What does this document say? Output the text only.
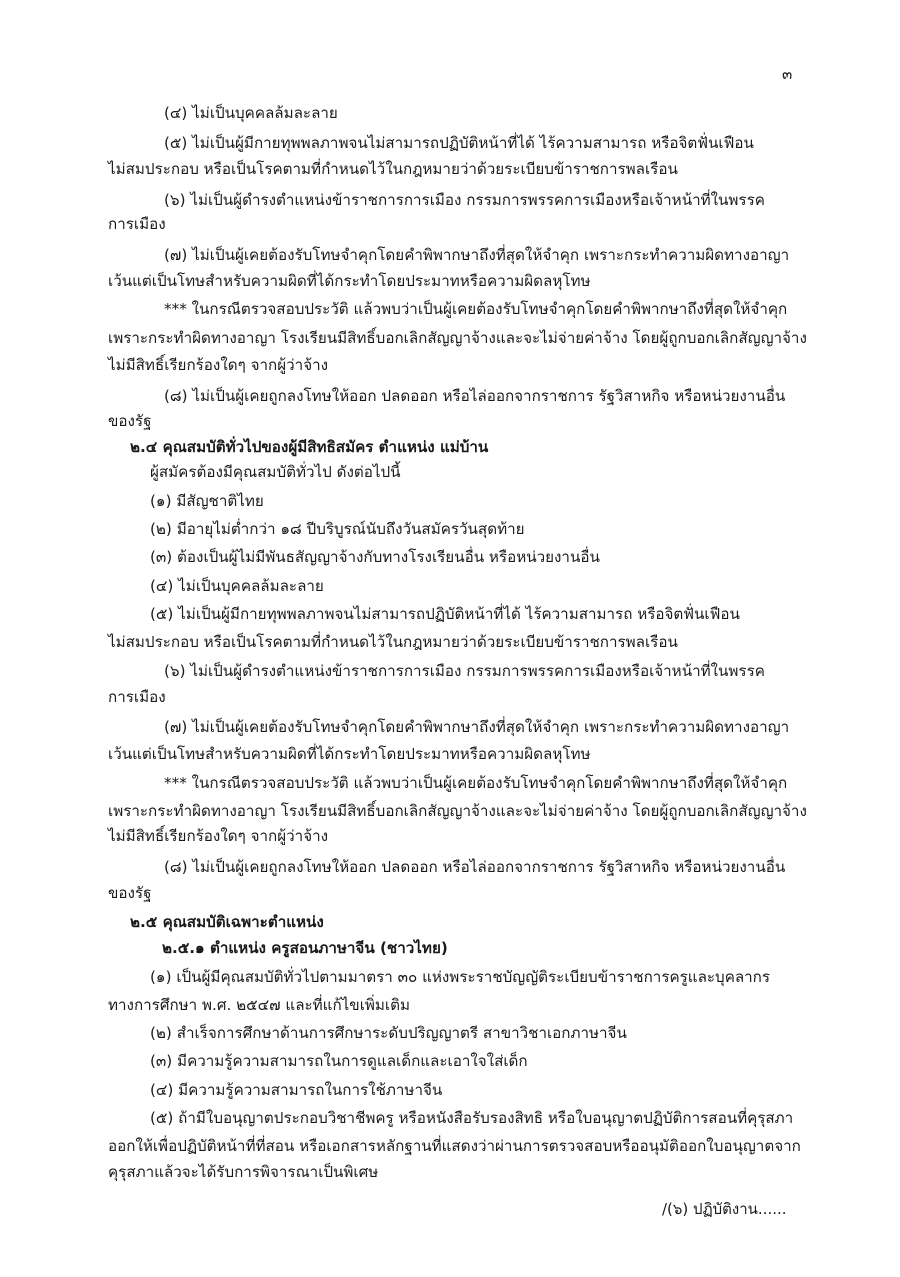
๓
(๔) ไม่เป็นบุคคลล้มละลาย
(๕) ไม่เป็นผู้มีกายทุพพลภาพจนไม่สามารถปฏิบัติหน้าที่ได้ ไร้ความสามารถ หรือจิตฟั่นเฟือน
ไม่สมประกอบ หรือเป็นโรคตามที่กำหนดไว้ในกฎหมายว่าด้วยระเบียบข้าราชการพลเรือน
(๖) ไม่เป็นผู้ดำรงตำแหน่งข้าราชการการเมือง กรรมการพรรคการเมืองหรือเจ้าหน้าที่ในพรรค
การเมือง
(๗) ไม่เป็นผู้เคยต้องรับโทษจำคุกโดยคำพิพากษาถึงที่สุดให้จำคุก เพราะกระทำความผิดทางอาญา
เว้นแต่เป็นโทษสำหรับความผิดที่ได้กระทำโดยประมาทหรือความผิดลหุโทษ
*** ในกรณีตรวจสอบประวัติ แล้วพบว่าเป็นผู้เคยต้องรับโทษจำคุกโดยคำพิพากษาถึงที่สุดให้จำคุก
เพราะกระทำผิดทางอาญา โรงเรียนมีสิทธิ์บอกเลิกสัญญาจ้างและจะไม่จ่ายค่าจ้าง โดยผู้ถูกบอกเลิกสัญญาจ้าง
ไม่มีสิทธิ์เรียกร้องใดๆ จากผู้ว่าจ้าง
(๘) ไม่เป็นผู้เคยถูกลงโทษให้ออก ปลดออก หรือไล่ออกจากราชการ รัฐวิสาหกิจ หรือหน่วยงานอื่น
ของรัฐ
๒.๔ คุณสมบัติทั่วไปของผู้มีสิทธิสมัคร ตำแหน่ง แม่บ้าน
ผู้สมัครต้องมีคุณสมบัติทั่วไป ดังต่อไปนี้
(๑) มีสัญชาติไทย
(๒) มีอายุไม่ต่ำกว่า ๑๘ ปีบริบูรณ์นับถึงวันสมัครวันสุดท้าย
(๓) ต้องเป็นผู้ไม่มีพันธสัญญาจ้างกับทางโรงเรียนอื่น หรือหน่วยงานอื่น
(๔) ไม่เป็นบุคคลล้มละลาย
(๕) ไม่เป็นผู้มีกายทุพพลภาพจนไม่สามารถปฏิบัติหน้าที่ได้ ไร้ความสามารถ หรือจิตฟั่นเฟือน
ไม่สมประกอบ หรือเป็นโรคตามที่กำหนดไว้ในกฎหมายว่าด้วยระเบียบข้าราชการพลเรือน
(๖) ไม่เป็นผู้ดำรงตำแหน่งข้าราชการการเมือง กรรมการพรรคการเมืองหรือเจ้าหน้าที่ในพรรค
การเมือง
(๗) ไม่เป็นผู้เคยต้องรับโทษจำคุกโดยคำพิพากษาถึงที่สุดให้จำคุก เพราะกระทำความผิดทางอาญา
เว้นแต่เป็นโทษสำหรับความผิดที่ได้กระทำโดยประมาทหรือความผิดลหุโทษ
*** ในกรณีตรวจสอบประวัติ แล้วพบว่าเป็นผู้เคยต้องรับโทษจำคุกโดยคำพิพากษาถึงที่สุดให้จำคุก
เพราะกระทำผิดทางอาญา โรงเรียนมีสิทธิ์บอกเลิกสัญญาจ้างและจะไม่จ่ายค่าจ้าง โดยผู้ถูกบอกเลิกสัญญาจ้าง
ไม่มีสิทธิ์เรียกร้องใดๆ จากผู้ว่าจ้าง
(๘) ไม่เป็นผู้เคยถูกลงโทษให้ออก ปลดออก หรือไล่ออกจากราชการ รัฐวิสาหกิจ หรือหน่วยงานอื่น
ของรัฐ
๒.๕ คุณสมบัติเฉพาะตำแหน่ง
๒.๕.๑ ตำแหน่ง ครูสอนภาษาจีน (ชาวไทย)
(๑) เป็นผู้มีคุณสมบัติทั่วไปตามมาตรา ๓๐ แห่งพระราชบัญญัติระเบียบข้าราชการครูและบุคลากร
ทางการศึกษา พ.ศ. ๒๕๔๗ และที่แก้ไขเพิ่มเติม
(๒) สำเร็จการศึกษาด้านการศึกษาระดับปริญญาตรี สาขาวิชาเอกภาษาจีน
(๓) มีความรู้ความสามารถในการดูแลเด็กและเอาใจใส่เด็ก
(๔) มีความรู้ความสามารถในการใช้ภาษาจีน
(๕) ถ้ามีใบอนุญาตประกอบวิชาชีพครู หรือหนังสือรับรองสิทธิ หรือใบอนุญาตปฏิบัติการสอนที่คุรุสภา
ออกให้เพื่อปฏิบัติหน้าที่ที่สอน หรือเอกสารหลักฐานที่แสดงว่าผ่านการตรวจสอบหรืออนุมัติออกใบอนุญาตจาก
คุรุสภาแล้วจะได้รับการพิจารณาเป็นพิเศษ
/(๖) ปฏิบัติงาน......
